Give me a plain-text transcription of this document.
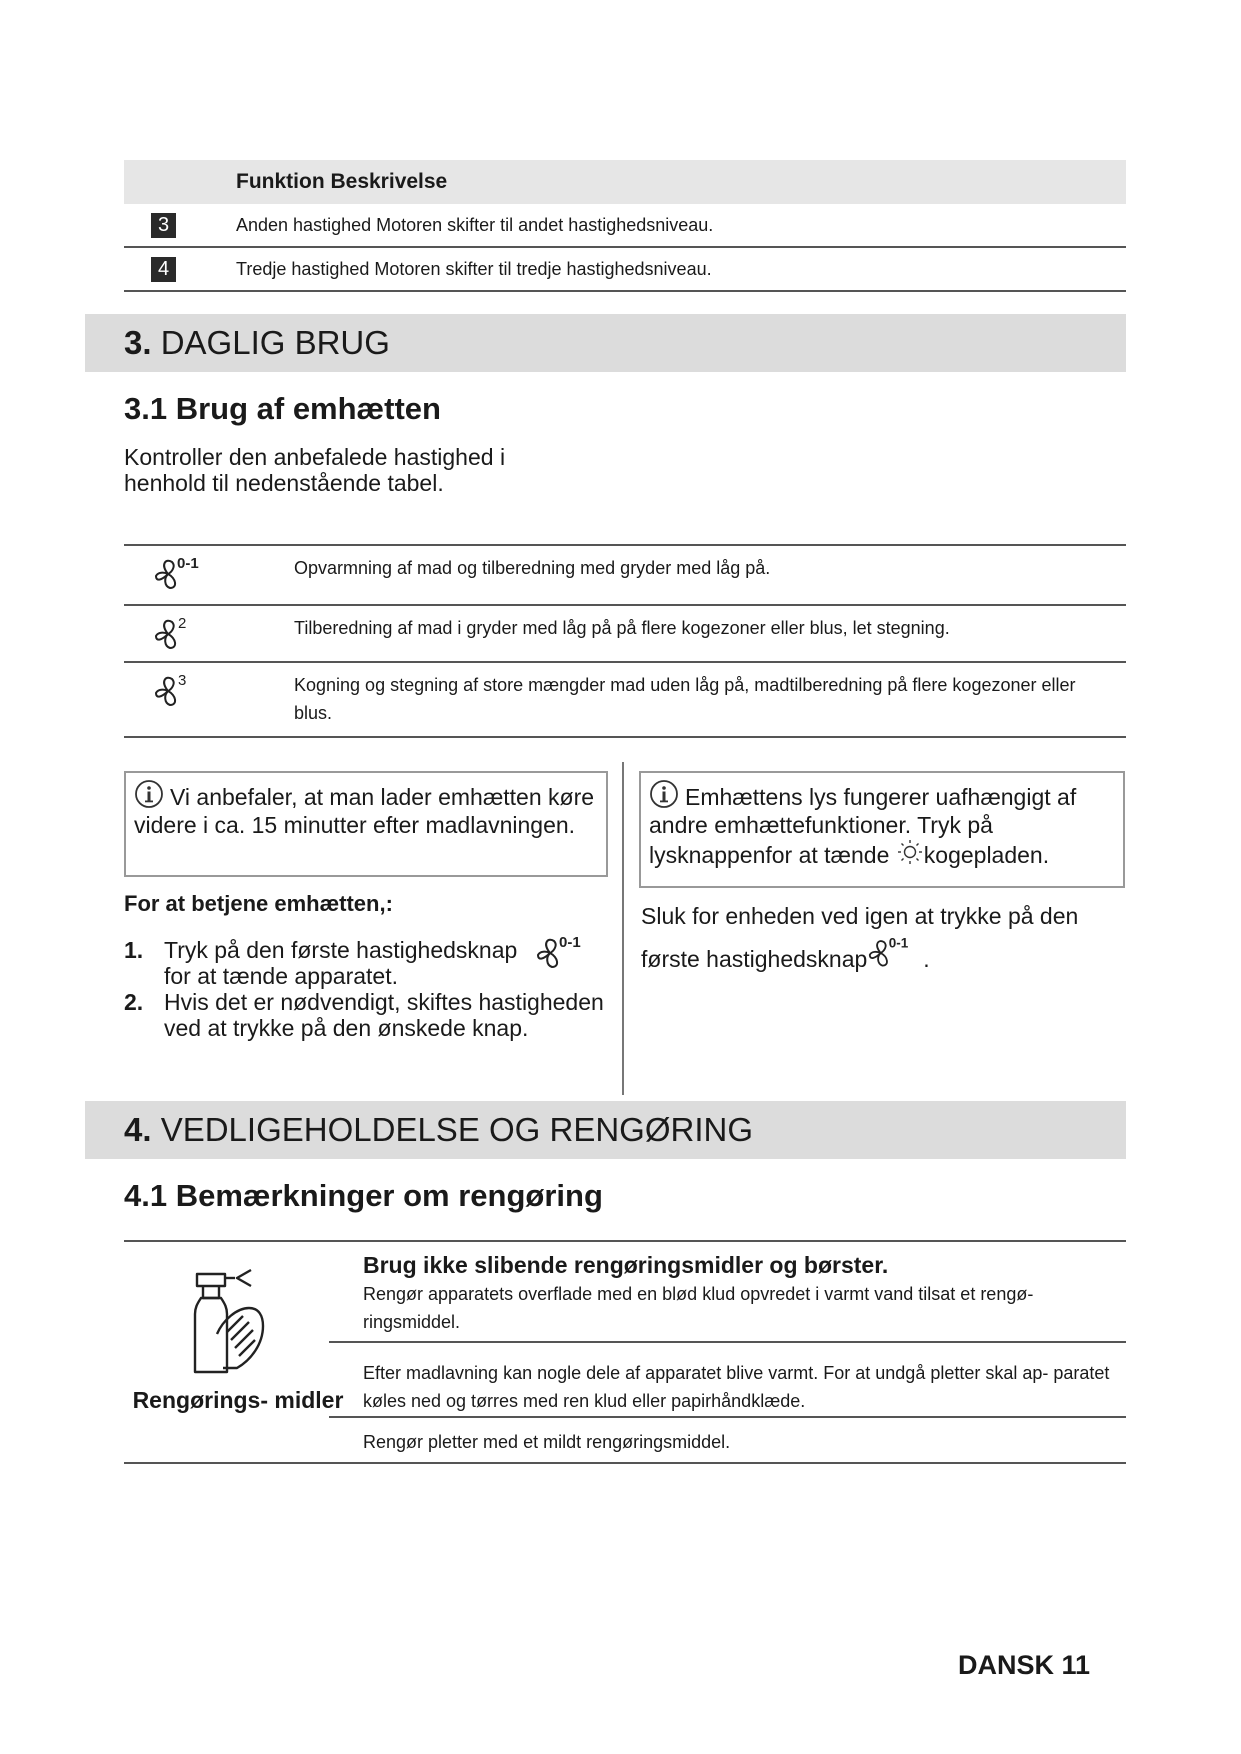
Funktion Beskrivelse
3	Anden hastighed Motoren skifter til andet hastighedsniveau.
4	Tredje hastighed Motoren skifter til tredje hastighedsniveau.
3. DAGLIG BRUG
3.1 Brug af emhætten
Kontroller den anbefalede hastighed i henhold til nedenstående tabel.
0-1	Opvarmning af mad og tilberedning med gryder med låg på.
2	Tilberedning af mad i gryder med låg på på flere kogezoner eller blus, let stegning.
3	Kogning og stegning af store mængder mad uden låg på, madtilberedning på flere kogezoner eller blus.
Vi anbefaler, at man lader emhætten køre videre i ca. 15 minutter efter madlavningen.
Emhættens lys fungerer uafhængigt af andre emhættefunktioner. Tryk på lysknappenfor at tænde kogepladen.
For at betjene emhætten,:
1. Tryk på den første hastighedsknap for at tænde apparatet.
0-1
2. Hvis det er nødvendigt, skiftes hastigheden ved at trykke på den ønskede knap.
Sluk for enheden ved igen at trykke på den første hastighedsknap
0-1
.
4. VEDLIGEHOLDELSE OG RENGØRING
4.1 Bemærkninger om rengøring
Rengørings- midler
Brug ikke slibende rengøringsmidler og børster.
Rengør apparatets overflade med en blød klud opvredet i varmt vand tilsat et rengø- ringsmiddel.
Efter madlavning kan nogle dele af apparatet blive varmt. For at undgå pletter skal ap- paratet køles ned og tørres med ren klud eller papirhåndklæde.
Rengør pletter med et mildt rengøringsmiddel.
DANSK 11
